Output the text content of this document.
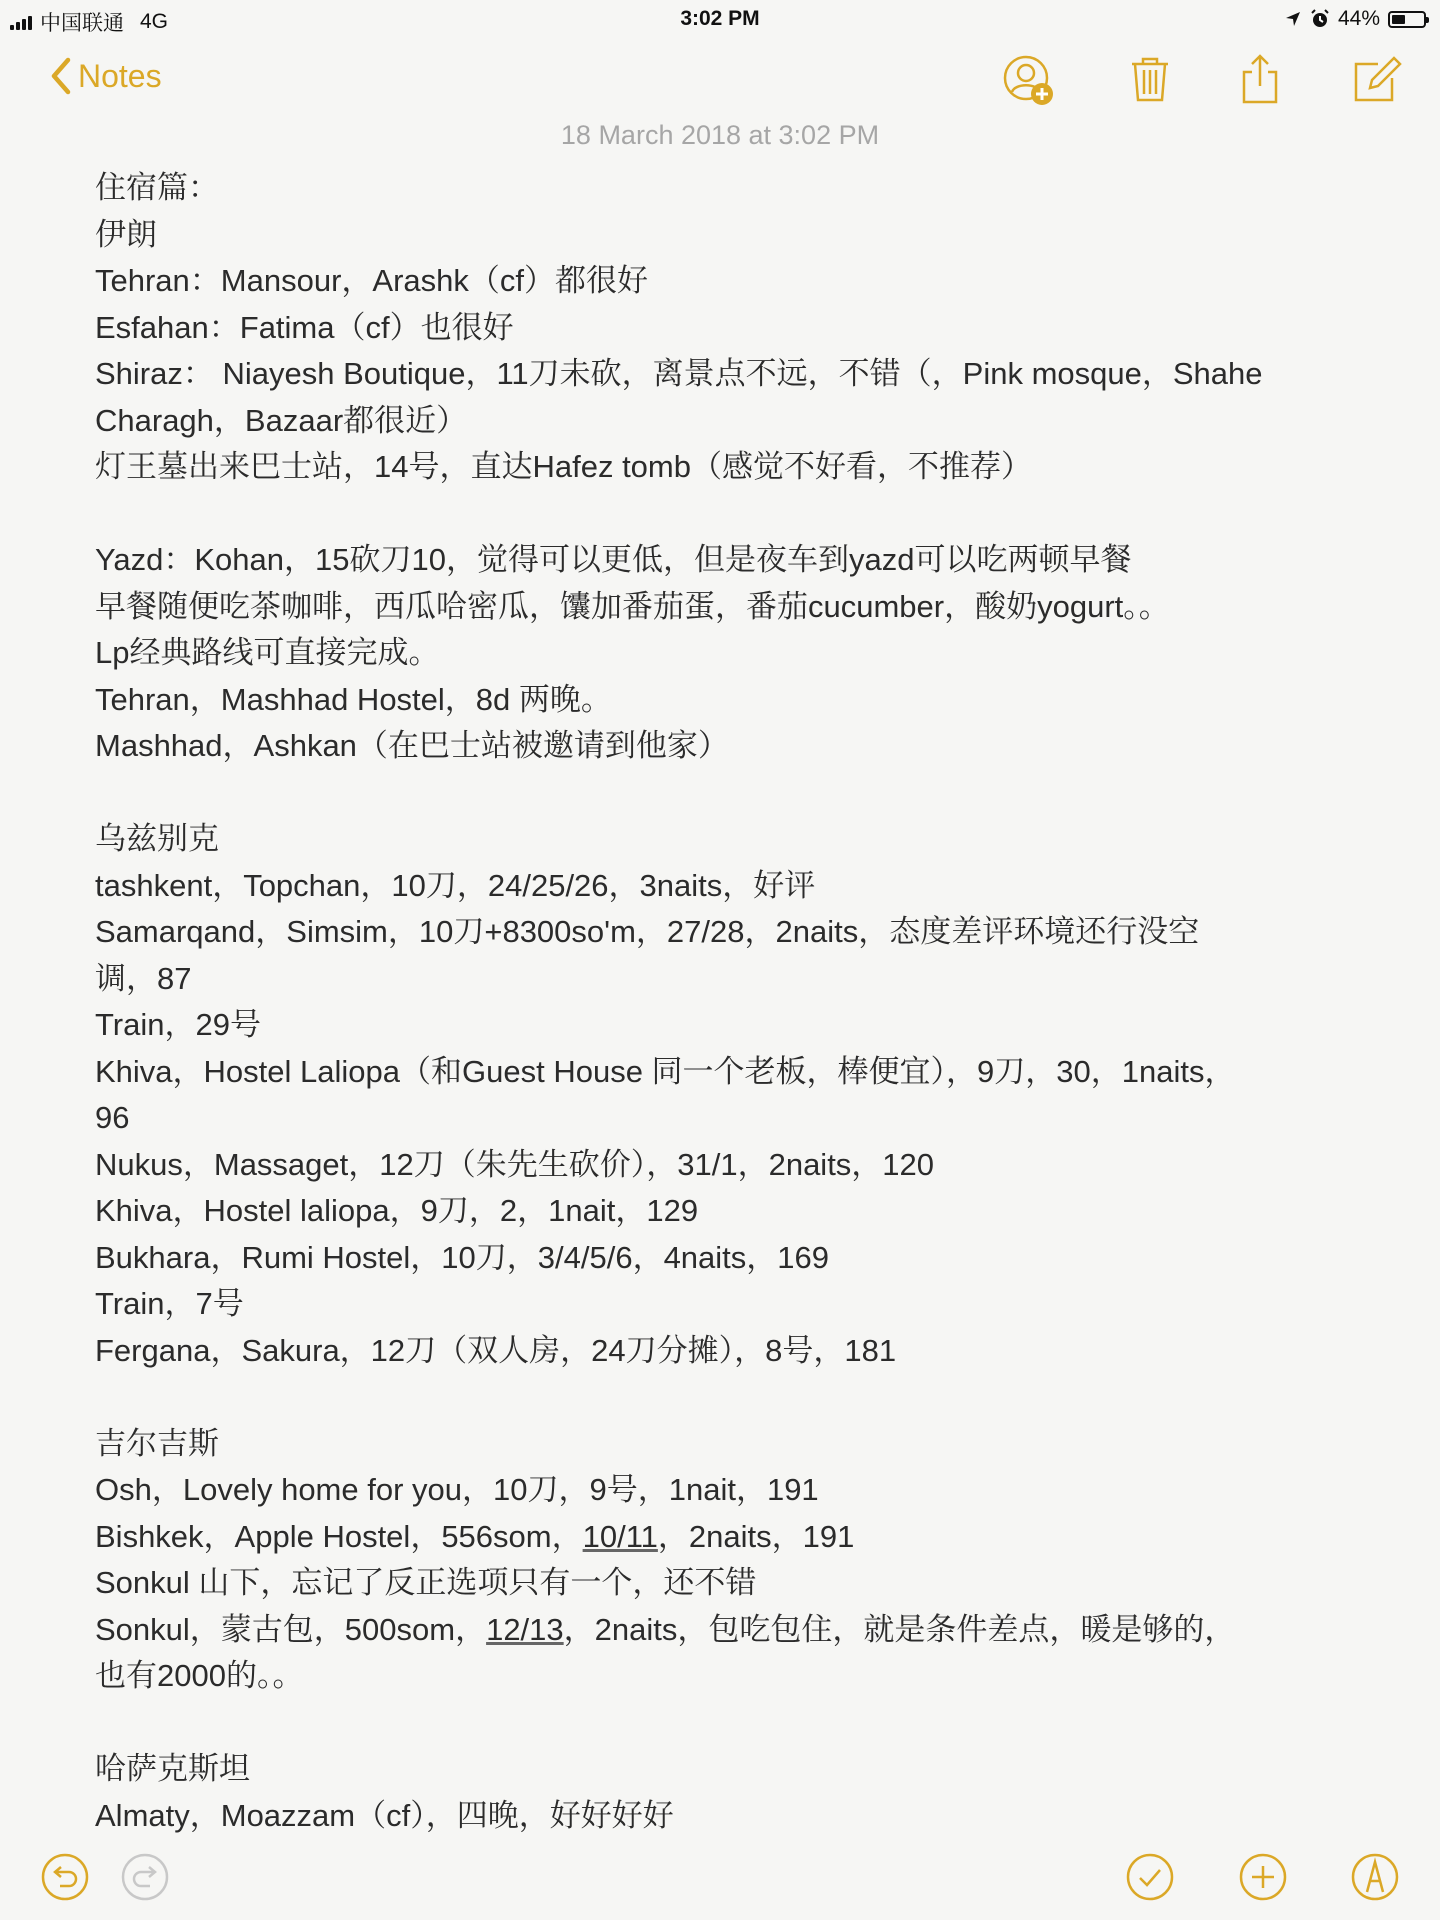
中国联通 4G	3:02 PM	44%
Notes
18 March 2018 at 3:02 PM
住宿篇：
伊朗
Tehran：Mansour，Arashk（cf）都很好
Esfahan：Fatima（cf）也很好
Shiraz： Niayesh Boutique，11刀未砍，离景点不远，不错（，Pink mosque，Shahe
Charagh，Bazaar都很近）
灯王墓出来巴士站，14号，直达Hafez tomb（感觉不好看，不推荐）
Yazd：Kohan，15砍刀10，觉得可以更低，但是夜车到yazd可以吃两顿早餐
早餐随便吃茶咖啡，西瓜哈密瓜，馕加番茄蛋，番茄cucumber，酸奶yogurt。。
Lp经典路线可直接完成。
Tehran，Mashhad Hostel，8d 两晚。
Mashhad，Ashkan（在巴士站被邀请到他家）
乌兹别克
tashkent，Topchan，10刀，24/25/26，3naits，好评
Samarqand，Simsim，10刀+8300so'm，27/28，2naits，态度差评环境还行没空
调，87
Train，29号
Khiva，Hostel Laliopa（和Guest House 同一个老板，棒便宜），9刀，30，1naits，
96
Nukus，Massaget，12刀（朱先生砍价），31/1，2naits，120
Khiva，Hostel laliopa，9刀，2，1nait，129
Bukhara，Rumi Hostel，10刀，3/4/5/6，4naits，169
Train，7号
Fergana，Sakura，12刀（双人房，24刀分摊），8号，181
吉尔吉斯
Osh，Lovely home for you，10刀，9号，1nait，191
Bishkek，Apple Hostel，556som，10/11，2naits，191
Sonkul 山下，忘记了反正选项只有一个，还不错
Sonkul，蒙古包，500som，12/13，2naits，包吃包住，就是条件差点，暖是够的，
也有2000的。。
哈萨克斯坦
Almaty，Moazzam（cf），四晚，好好好好
